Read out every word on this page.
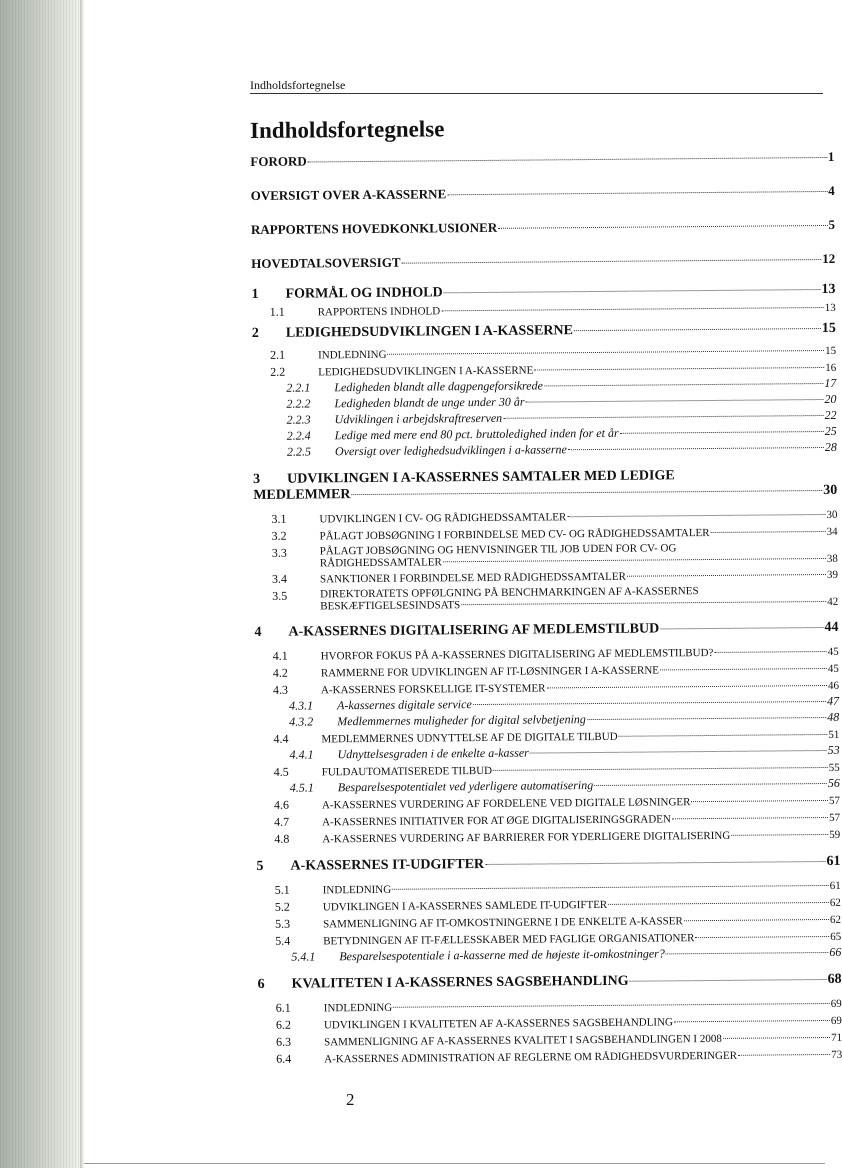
Indholdsfortegnelse
2
Indholdsfortegnelse
FORORD	1
OVERSIGT OVER A-KASSERNE	4
RAPPORTENS HOVEDKONKLUSIONER	5
HOVEDTALSOVERSIGT	12
1	FORMÅL OG INDHOLD	13
1.1	RAPPORTENS INDHOLD	13
2	LEDIGHEDSUDVIKLINGEN I A-KASSERNE	15
2.1	INDLEDNING	15
2.2	LEDIGHEDSUDVIKLINGEN I A-KASSERNE	16
2.2.1	Ledigheden blandt alle dagpengeforsikrede	17
2.2.2	Ledigheden blandt de unge under 30 år	20
2.2.3	Udviklingen i arbejdskraftreserven	22
2.2.4	Ledige med mere end 80 pct. bruttoledighed inden for et år	25
2.2.5	Oversigt over ledighedsudviklingen i a-kasserne	28
3	UDVIKLINGEN I A-KASSERNES SAMTALER MED LEDIGE
MEDLEMMER	30
3.1	UDVIKLINGEN I CV- OG RÅDIGHEDSSAMTALER	30
3.2	PÅLAGT JOBSØGNING I FORBINDELSE MED CV- OG RÅDIGHEDSSAMTALER	34
3.3	PÅLAGT JOBSØGNING OG HENVISNINGER TIL JOB UDEN FOR CV- OG
RÅDIGHEDSSAMTALER	38
3.4	SANKTIONER I FORBINDELSE MED RÅDIGHEDSSAMTALER	39
3.5	DIREKTORATETS OPFØLGNING PÅ BENCHMARKINGEN AF A-KASSERNES
BESKÆFTIGELSESINDSATS	42
4	A-KASSERNES DIGITALISERING AF MEDLEMSTILBUD	44
4.1	HVORFOR FOKUS PÅ A-KASSERNES DIGITALISERING AF MEDLEMSTILBUD?	45
4.2	RAMMERNE FOR UDVIKLINGEN AF IT-LØSNINGER I A-KASSERNE	45
4.3	A-KASSERNES FORSKELLIGE IT-SYSTEMER	46
4.3.1	A-kassernes digitale service	47
4.3.2	Medlemmernes muligheder for digital selvbetjening	48
4.4	MEDLEMMERNES UDNYTTELSE AF DE DIGITALE TILBUD	51
4.4.1	Udnyttelsesgraden i de enkelte a-kasser	53
4.5	FULDAUTOMATISEREDE TILBUD	55
4.5.1	Besparelsespotentialet ved yderligere automatisering	56
4.6	A-KASSERNES VURDERING AF FORDELENE VED DIGITALE LØSNINGER	57
4.7	A-KASSERNES INITIATIVER FOR AT ØGE DIGITALISERINGSGRADEN	57
4.8	A-KASSERNES VURDERING AF BARRIERER FOR YDERLIGERE DIGITALISERING	59
5	A-KASSERNES IT-UDGIFTER	61
5.1	INDLEDNING	61
5.2	UDVIKLINGEN I A-KASSERNES SAMLEDE IT-UDGIFTER	62
5.3	SAMMENLIGNING AF IT-OMKOSTNINGERNE I DE ENKELTE A-KASSER	62
5.4	BETYDNINGEN AF IT-FÆLLESSKABER MED FAGLIGE ORGANISATIONER	65
5.4.1	Besparelsespotentiale i a-kasserne med de højeste it-omkostninger?	66
6	KVALITETEN I A-KASSERNES SAGSBEHANDLING	68
6.1	INDLEDNING	69
6.2	UDVIKLINGEN I KVALITETEN AF A-KASSERNES SAGSBEHANDLING	69
6.3	SAMMENLIGNING AF A-KASSERNES KVALITET I SAGSBEHANDLINGEN I 2008	71
6.4	A-KASSERNES ADMINISTRATION AF REGLERNE OM RÅDIGHEDSVURDERINGER	73
